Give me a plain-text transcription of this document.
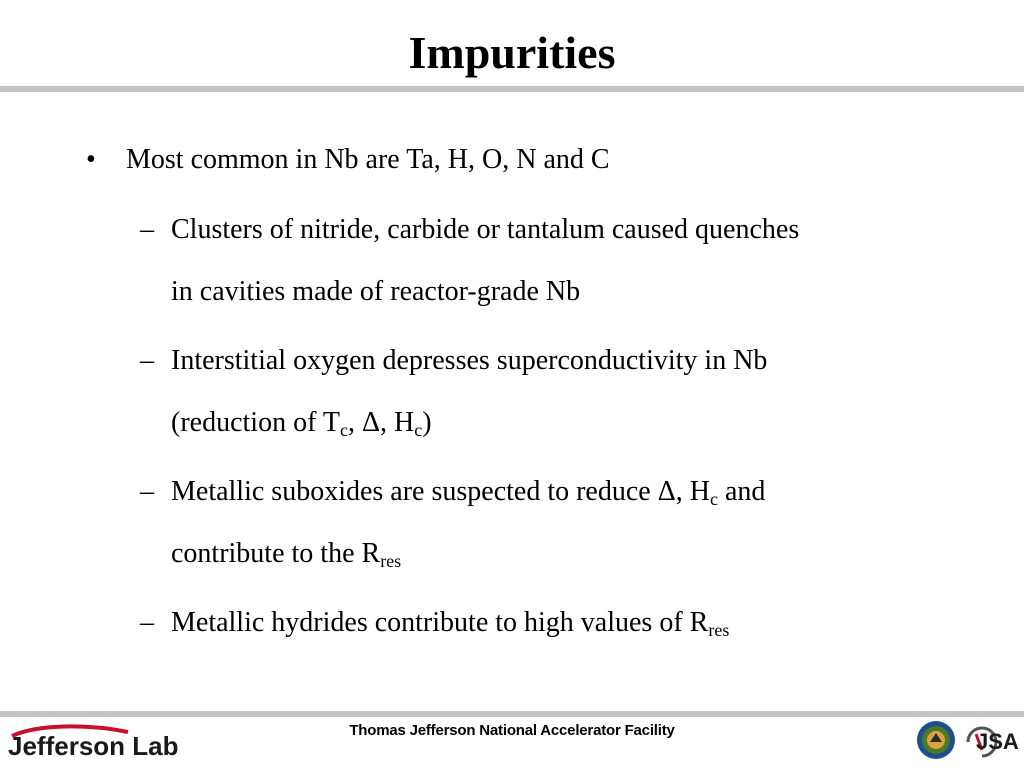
Impurities
• Most common in Nb are Ta, H, O, N and C
– Clusters of nitride, carbide or tantalum caused quenches
in cavities made of reactor-grade Nb
– Interstitial oxygen depresses superconductivity in Nb
(reduction of $T_c$, Δ, $H_c$)
– Metallic suboxides are suspected to reduce Δ, $H_c$ and
contribute to the $R_{res}$
– Metallic hydrides contribute to high values of $R_{res}$
Jefferson Lab
Thomas Jefferson National Accelerator Facility	JSA
